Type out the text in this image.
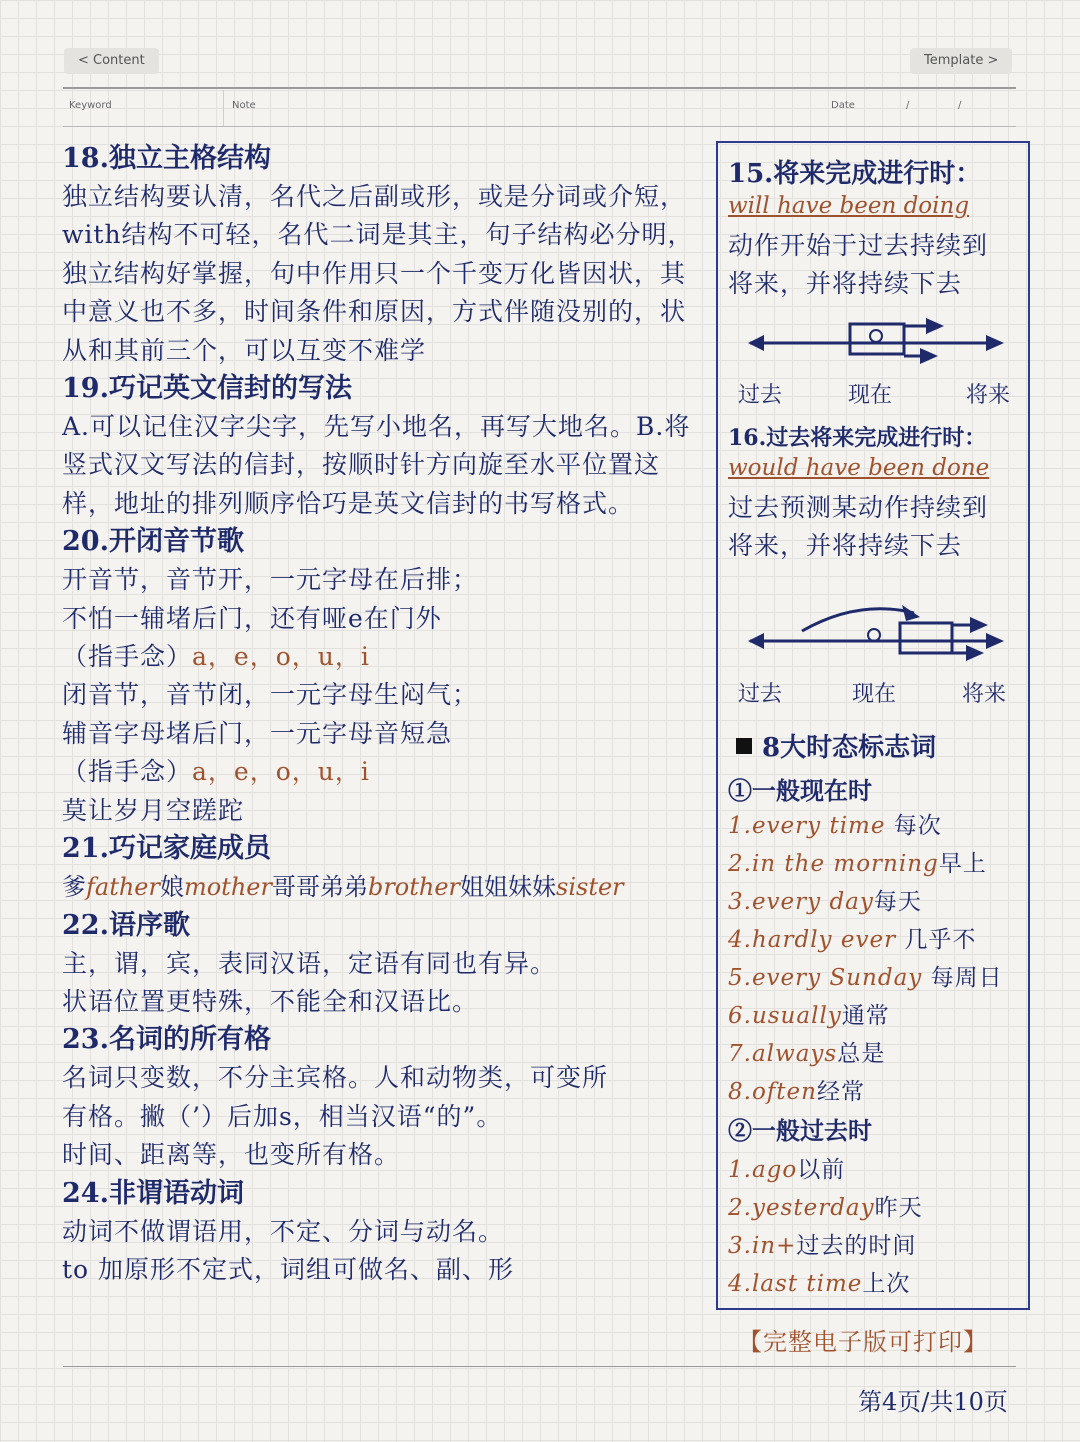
< Content	Template >
Keyword	Note	Date	/	/
18.独立主格结构
独立结构要认清，名代之后副或形，或是分词或介短，with结构不可轻，名代二词是其主，句子结构必分明，独立结构好掌握，句中作用只一个千变万化皆因状，其中意义也不多，时间条件和原因，方式伴随没别的，状从和其前三个，可以互变不难学
19.巧记英文信封的写法
A.可以记住汉字尖字，先写小地名，再写大地名。B.将竖式汉文写法的信封，按顺时针方向旋至水平位置这样，地址的排列顺序恰巧是英文信封的书写格式。
20.开闭音节歌
开音节，音节开，一元字母在后排；
不怕一辅堵后门，还有哑e在门外
（指手念）a，e，o，u，i
闭音节，音节闭，一元字母生闷气；
辅音字母堵后门，一元字母音短急
（指手念）a，e，o，u，i
莫让岁月空蹉跎
21.巧记家庭成员
爹father娘mother哥哥弟弟brother姐姐妹妹sister
22.语序歌
主，谓，宾，表同汉语，定语有同也有异。
状语位置更特殊，不能全和汉语比。
23.名词的所有格
名词只变数，不分主宾格。人和动物类，可变所
有格。撇（’）后加s，相当汉语“的”。
时间、距离等，也变所有格。
24.非谓语动词
动词不做谓语用，不定、分词与动名。
to 加原形不定式，词组可做名、副、形
15.将来完成进行时：
will have been doing
动作开始于过去持续到
将来，并将持续下去
过去	现在	将来
16.过去将来完成进行时：
would have been done
过去预测某动作持续到
将来，并将持续下去
过去	现在	将来
8大时态标志词
①一般现在时
1.every time 每次
2.in the morning早上
3.every day每天
4.hardly ever 几乎不
5.every Sunday 每周日
6.usually通常
7.always总是
8.often经常
②一般过去时
1.ago以前
2.yesterday昨天
3.in+过去的时间
4.last time上次
【完整电子版可打印】
第4页/共10页
